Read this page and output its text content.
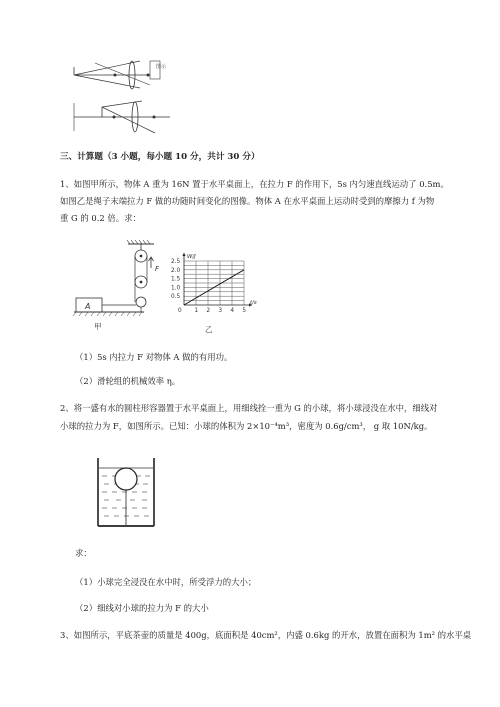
图示
三、计算题（3 小题，每小题 10 分，共计 30 分）
1、如图甲所示，物体 A 重为 16N 置于水平桌面上，在拉力 F 的作用下，5s 内匀速直线运动了 0.5m。
如图乙是绳子末端拉力 F 做的功随时间变化的图像。物体 A 在水平桌面上运动时受到的摩擦力 f 为物
重 G 的 0.2 倍。求：
F
A
甲
0 1 2 3 4 5
0.5
1.0
1.5
2.0
2.5
W/J
t/s
乙
（1）5s 内拉力 F 对物体 A 做的有用功。
（2）滑轮组的机械效率 η。
2、将一盛有水的圆柱形容器置于水平桌面上，用细线拴一重为 G 的小球，将小球浸没在水中，细线对
小球的拉力为 F，如图所示。已知：小球的体积为 2×10⁻⁴m³，密度为 0.6g/cm³， g 取 10N/kg。
求：
（1）小球完全浸没在水中时，所受浮力的大小；
（2）细线对小球的拉力为 F 的大小
3、如图所示，平底茶壶的质量是 400g，底面积是 40cm²，内盛 0.6kg 的开水，放置在面积为 1m² 的水平桌
